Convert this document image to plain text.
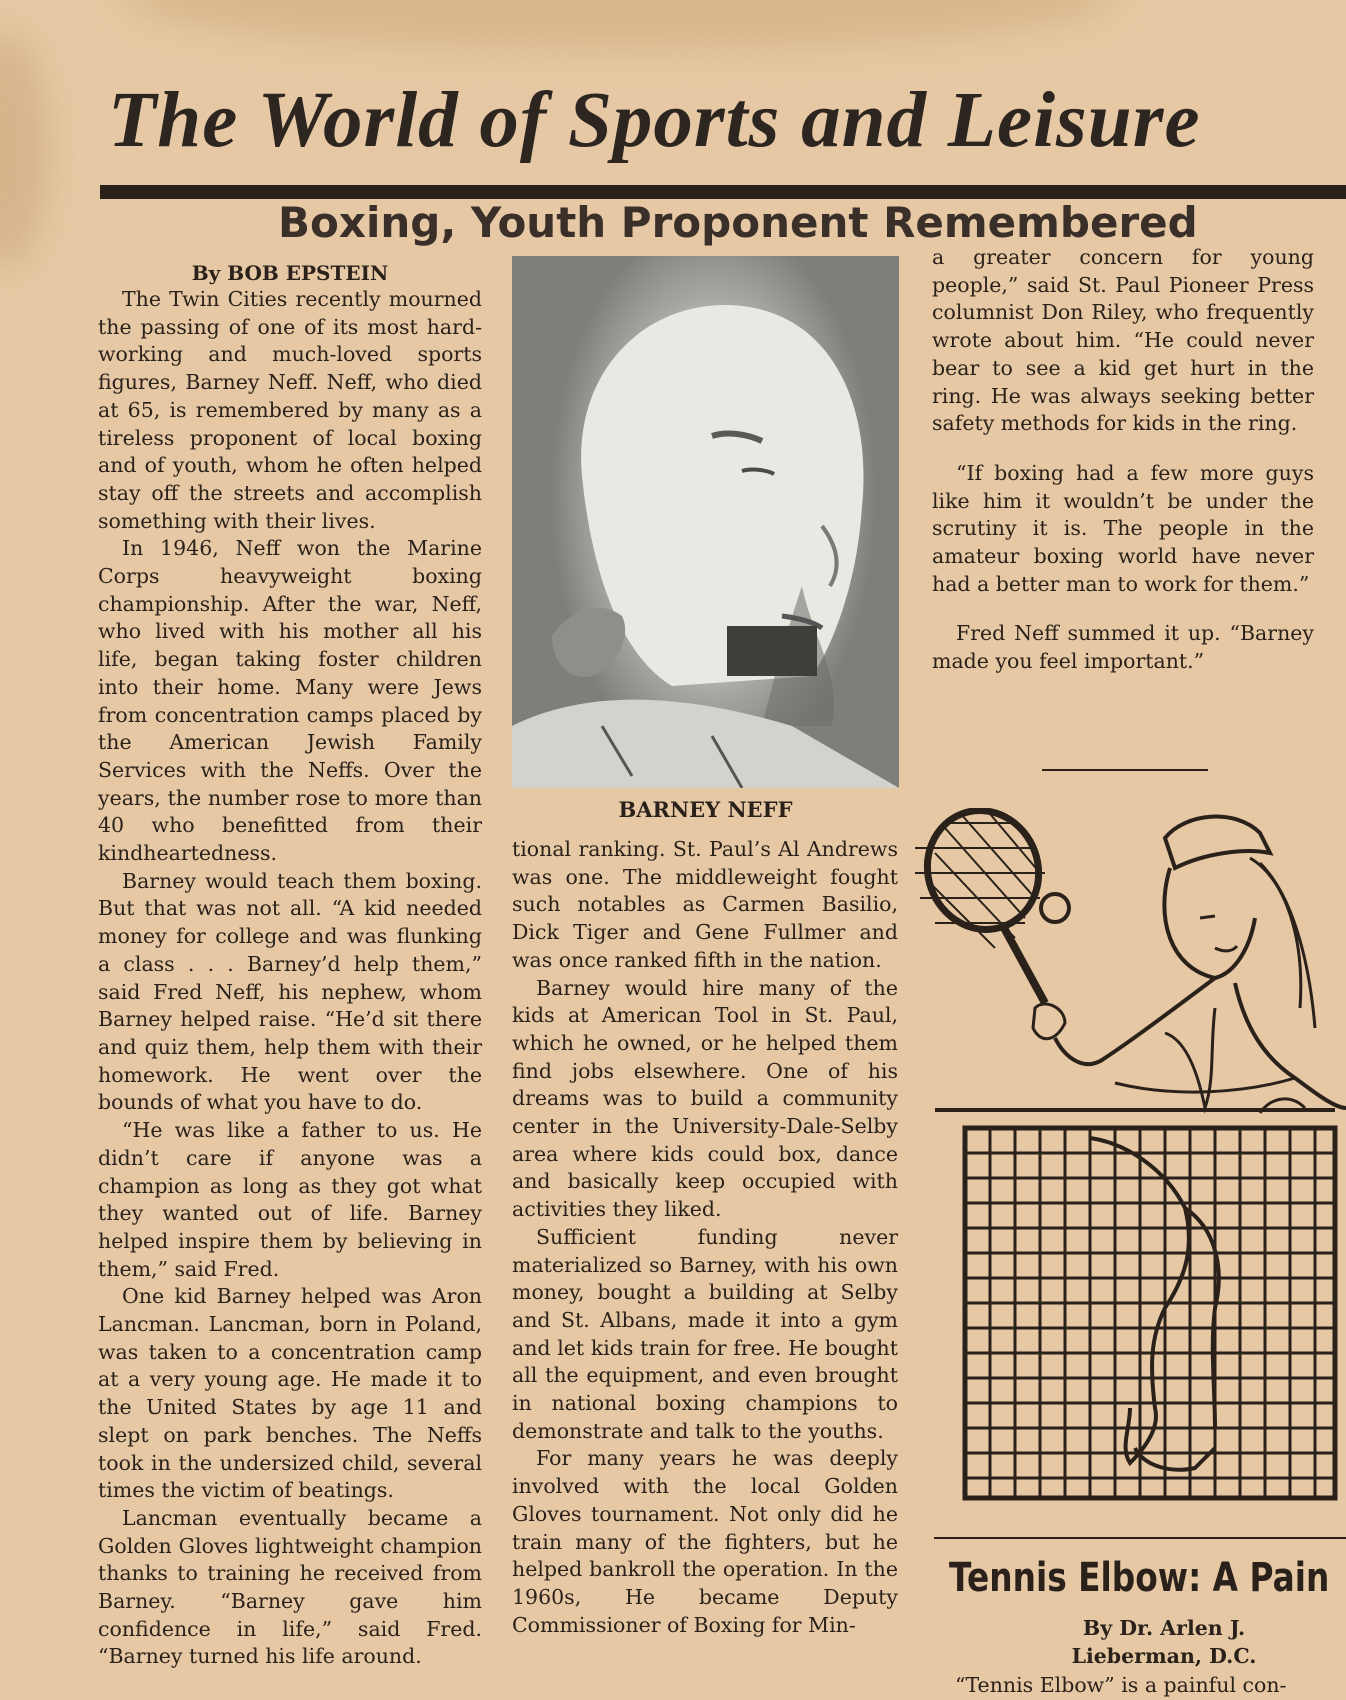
The World of Sports and Leisure
Boxing, Youth Proponent Remembered
By BOB EPSTEIN

The Twin Cities recently mourned the passing of one of its most hard-working and much-loved sports figures, Barney Neff. Neff, who died at 65, is remembered by many as a tireless proponent of local boxing and of youth, whom he often helped stay off the streets and accomplish something with their lives.

In 1946, Neff won the Marine Corps heavyweight boxing championship. After the war, Neff, who lived with his mother all his life, began taking foster children into their home. Many were Jews from concentration camps placed by the American Jewish Family Services with the Neffs. Over the years, the number rose to more than 40 who benefitted from their kindheartedness.

Barney would teach them boxing. But that was not all. “A kid needed money for college and was flunking a class . . . Barney’d help them,” said Fred Neff, his nephew, whom Barney helped raise. “He’d sit there and quiz them, help them with their homework. He went over the bounds of what you have to do.

“He was like a father to us. He didn’t care if anyone was a champion as long as they got what they wanted out of life. Barney helped inspire them by believing in them,” said Fred.

One kid Barney helped was Aron Lancman. Lancman, born in Poland, was taken to a concentration camp at a very young age. He made it to the United States by age 11 and slept on park benches. The Neffs took in the undersized child, several times the victim of beatings.

Lancman eventually became a Golden Gloves lightweight champion thanks to training he received from Barney. “Barney gave him confidence in life,” said Fred. “Barney turned his life around.

BARNEY NEFF

tional ranking. St. Paul’s Al Andrews was one. The middleweight fought such notables as Carmen Basilio, Dick Tiger and Gene Fullmer and was once ranked fifth in the nation.

Barney would hire many of the kids at American Tool in St. Paul, which he owned, or he helped them find jobs elsewhere. One of his dreams was to build a community center in the University-Dale-Selby area where kids could box, dance and basically keep occupied with activities they liked.

Sufficient funding never materialized so Barney, with his own money, bought a building at Selby and St. Albans, made it into a gym and let kids train for free. He bought all the equipment, and even brought in national boxing champions to demonstrate and talk to the youths.

For many years he was deeply involved with the local Golden Gloves tournament. Not only did he train many of the fighters, but he helped bankroll the operation. In the 1960s, He became Deputy Commissioner of Boxing for Min-

a greater concern for young people,” said St. Paul Pioneer Press columnist Don Riley, who frequently wrote about him. “He could never bear to see a kid get hurt in the ring. He was always seeking better safety methods for kids in the ring.

“If boxing had a few more guys like him it wouldn’t be under the scrutiny it is. The people in the amateur boxing world have never had a better man to work for them.”

Fred Neff summed it up. “Barney made you feel important.”

Tennis Elbow: A Pain
By Dr. Arlen J.
Lieberman, D.C.
“Tennis Elbow” is a painful con-
